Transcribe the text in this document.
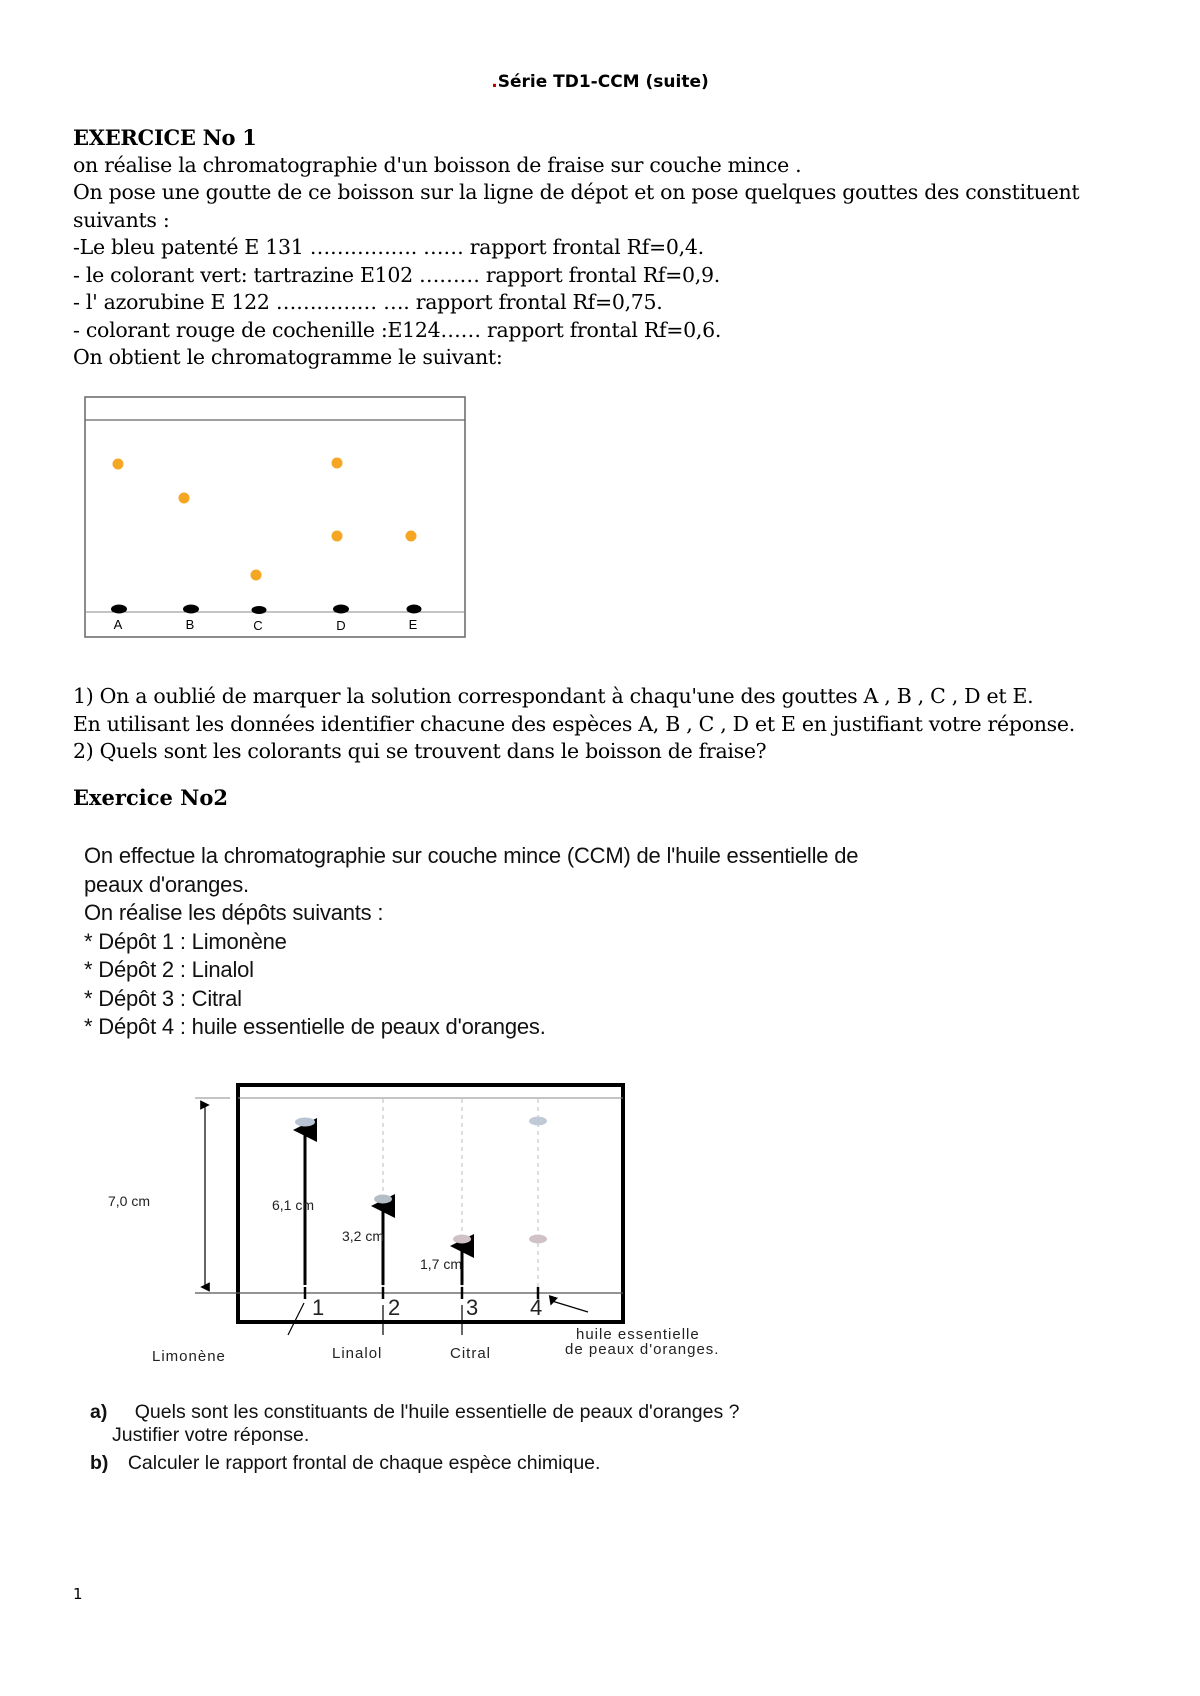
.Série TD1-CCM (suite)
EXERCICE No 1
on réalise la chromatographie d'un boisson de fraise sur couche mince .
On pose une goutte de ce boisson sur la ligne de dépot et on pose quelques gouttes des constituent
suivants :
-Le bleu patenté E 131 ……………. …… rapport frontal Rf=0,4.
- le colorant vert: tartrazine E102 ……… rapport frontal Rf=0,9.
- l' azorubine E 122 …………… …. rapport frontal Rf=0,75.
- colorant rouge de cochenille :E124…… rapport frontal Rf=0,6.
On obtient le chromatogramme le suivant:
A	B	C	D	E
1) On a oublié de marquer la solution correspondant à chaqu'une des gouttes A , B , C , D et E.
En utilisant les données identifier chacune des espèces A, B , C , D et E en justifiant votre réponse.
2) Quels sont les colorants qui se trouvent dans le boisson de fraise?
Exercice No2
On effectue la chromatographie sur couche mince (CCM) de l'huile essentielle de
peaux d'oranges.
On réalise les dépôts suivants :
* Dépôt 1 : Limonène
* Dépôt 2 : Linalol
* Dépôt 3 : Citral
* Dépôt 4 : huile essentielle de peaux d'oranges.
7,0 cm	6,1 cm
3,2 cm
1,7 cm
1	2	3 4
Limonène	Linalol	Citral
huile essentielle
de peaux d'oranges.
a) Quels sont les constituants de l'huile essentielle de peaux d'oranges ?
Justifier votre réponse.
b) Calculer le rapport frontal de chaque espèce chimique.
1
